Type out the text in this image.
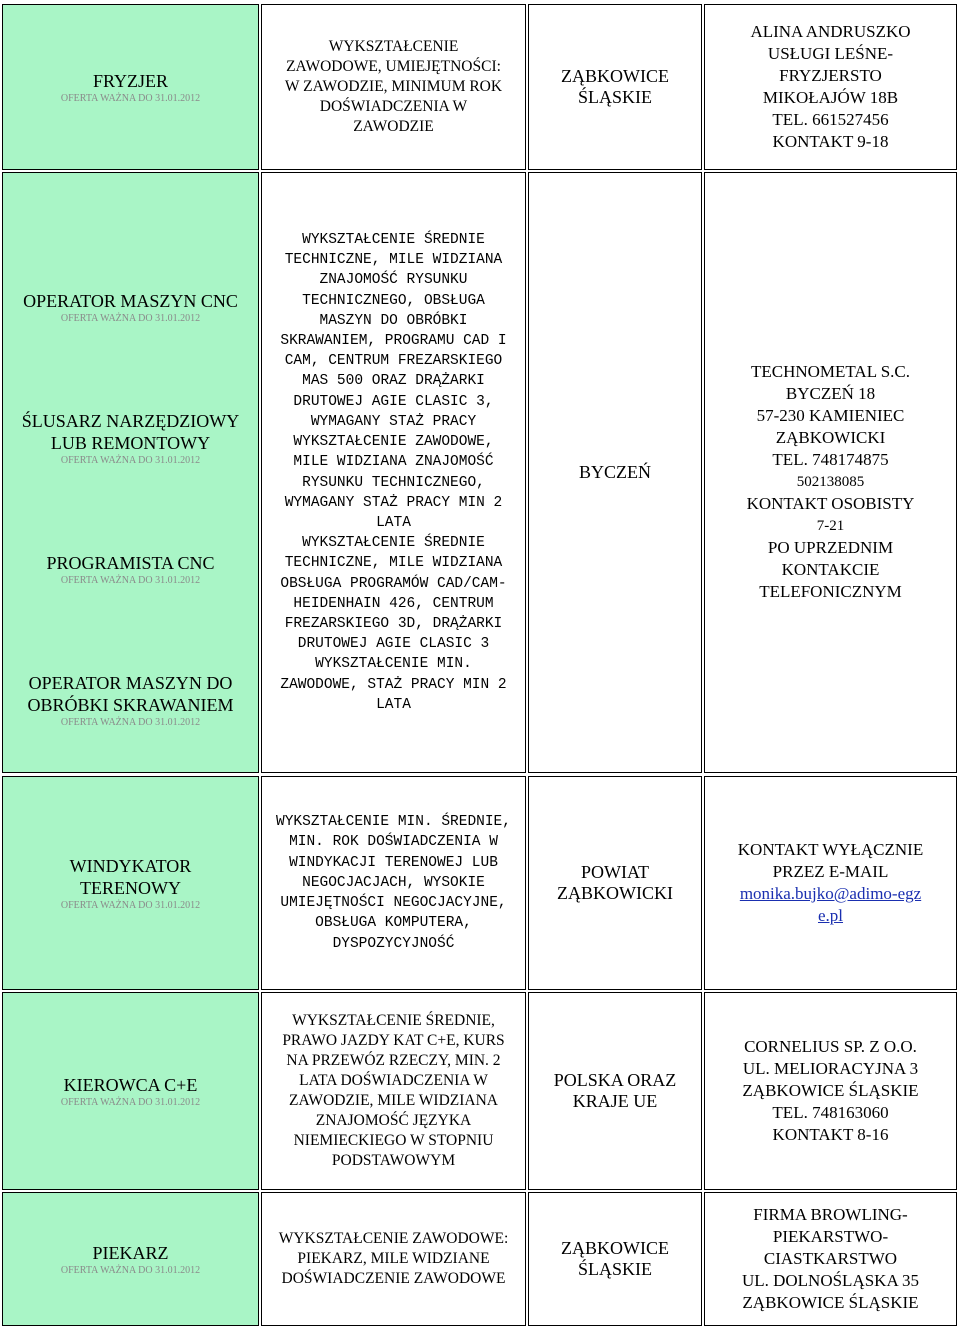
FRYZJER
OFERTA WAŻNA DO 31.01.2012
WYKSZTAŁCENIE ZAWODOWE, UMIEJĘTNOŚCI: W ZAWODZIE, MINIMUM ROK DOŚWIADCZENIA W ZAWODZIE
ZĄBKOWICE ŚLĄSKIE
ALINA ANDRUSZKO
USŁUGI LEŚNE-
FRYZJERSTO
MIKOŁAJÓW 18B
TEL. 661527456
KONTAKT 9-18
OPERATOR MASZYN CNC
OFERTA WAŻNA DO 31.01.2012
ŚLUSARZ NARZĘDZIOWY LUB REMONTOWY
OFERTA WAŻNA DO 31.01.2012
PROGRAMISTA CNC
OFERTA WAŻNA DO 31.01.2012
OPERATOR MASZYN DO OBRÓBKI SKRAWANIEM
OFERTA WAŻNA DO 31.01.2012
WYKSZTAŁCENIE ŚREDNIE TECHNICZNE, MILE WIDZIANA ZNAJOMOŚĆ RYSUNKU TECHNICZNEGO, OBSŁUGA MASZYN DO OBRÓBKI SKRAWANIEM, PROGRAMU CAD I CAM, CENTRUM FREZARSKIEGO MAS 500 ORAZ DRĄŻARKI DRUTOWEJ AGIE CLASIC 3, WYMAGANY STAŻ PRACY
WYKSZTAŁCENIE ZAWODOWE, MILE WIDZIANA ZNAJOMOŚĆ RYSUNKU TECHNICZNEGO, WYMAGANY STAŻ PRACY MIN 2 LATA
WYKSZTAŁCENIE ŚREDNIE TECHNICZNE, MILE WIDZIANA OBSŁUGA PROGRAMÓW CAD/CAM-HEIDENHAIN 426, CENTRUM FREZARSKIEGO 3D, DRĄŻARKI DRUTOWEJ AGIE CLASIC 3
WYKSZTAŁCENIE MIN. ZAWODOWE, STAŻ PRACY MIN 2 LATA
BYCZEŃ
TECHNOMETAL S.C.
BYCZEŃ 18
57-230 KAMIENIEC
ZĄBKOWICKI
TEL. 748174875
502138085
KONTAKT OSOBISTY
7-21
PO UPRZEDNIM
KONTAKCIE
TELEFONICZNYM
WINDYKATOR TERENOWY
OFERTA WAŻNA DO 31.01.2012
WYKSZTAŁCENIE MIN. ŚREDNIE, MIN. ROK DOŚWIADCZENIA W WINDYKACJI TERENOWEJ LUB NEGOCJACJACH, WYSOKIE UMIEJĘTNOŚCI NEGOCJACYJNE, OBSŁUGA KOMPUTERA, DYSPOZYCYJNOŚĆ
POWIAT ZĄBKOWICKI
KONTAKT WYŁĄCZNIE
PRZEZ E-MAIL
monika.bujko@adimo-egze.pl
KIEROWCA C+E
OFERTA WAŻNA DO 31.01.2012
WYKSZTAŁCENIE ŚREDNIE, PRAWO JAZDY KAT C+E, KURS NA PRZEWÓZ RZECZY, MIN. 2 LATA DOŚWIADCZENIA W ZAWODZIE, MILE WIDZIANA ZNAJOMOŚĆ JĘZYKA NIEMIECKIEGO W STOPNIU PODSTAWOWYM
POLSKA ORAZ KRAJE UE
CORNELIUS SP. Z O.O.
UL. MELIORACYJNA 3
ZĄBKOWICE ŚLĄSKIE
TEL. 748163060
KONTAKT 8-16
PIEKARZ
OFERTA WAŻNA DO 31.01.2012
WYKSZTAŁCENIE ZAWODOWE: PIEKARZ, MILE WIDZIANE DOŚWIADCZENIE ZAWODOWE
ZĄBKOWICE ŚLĄSKIE
FIRMA BROWLING-
PIEKARSTWO-
CIASTKARSTWO
UL. DOLNOŚLĄSKA 35
ZĄBKOWICE ŚLĄSKIE
